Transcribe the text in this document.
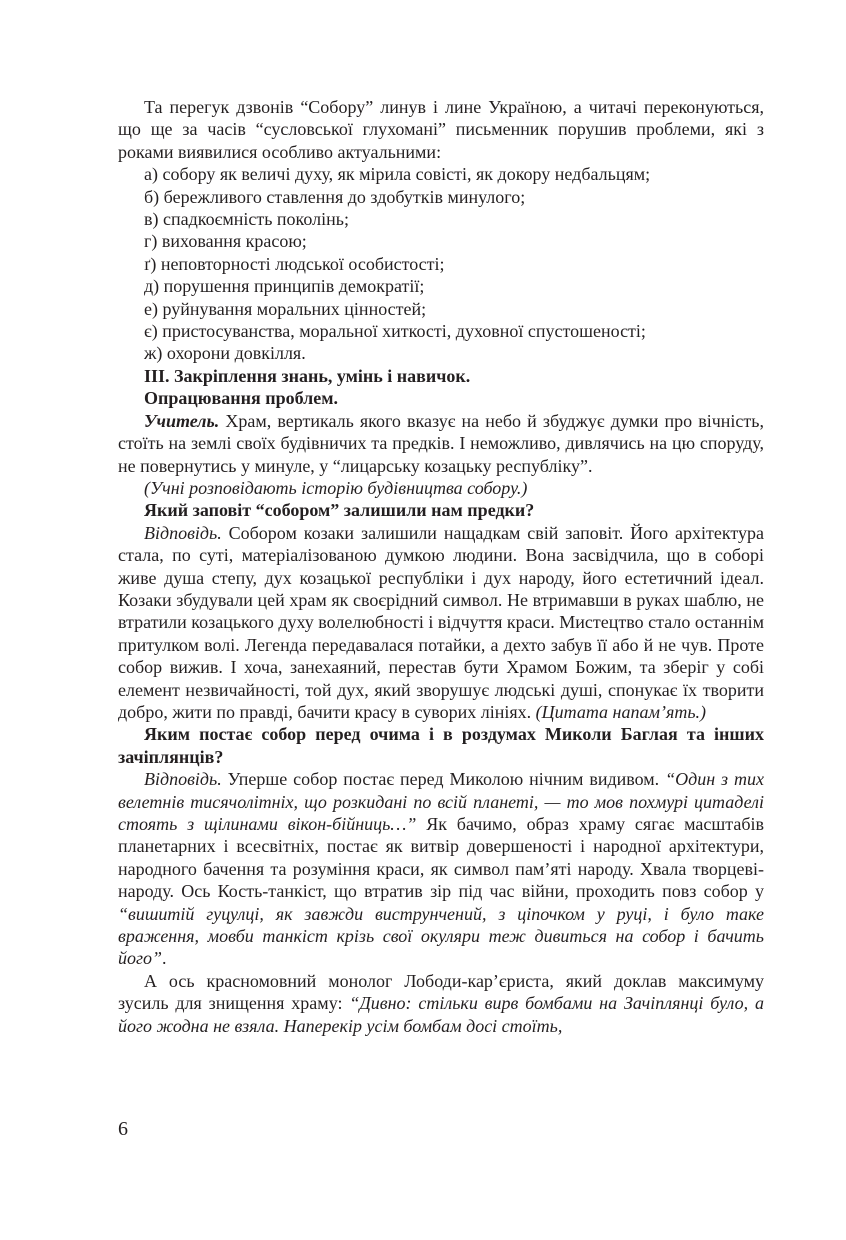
Та перегук дзвонів “Собору” линув і лине Україною, а читачі переконуються, що ще за часів “сусловської глухомані” письменник порушив проблеми, які з роками виявилися особливо актуальними:

а) собору як величі духу, як мірила совісті, як докору недбальцям;
б) бережливого ставлення до здобутків минулого;
в) спадкоємність поколінь;
г) виховання красою;
ґ) неповторності людської особистості;
д) порушення принципів демократії;
е) руйнування моральних цінностей;
є) пристосуванства, моральної хиткості, духовної спустошеності;
ж) охорони довкілля.
ІІІ. Закріплення знань, умінь і навичок.
Опрацювання проблем.

Учитель. Храм, вертикаль якого вказує на небо й збуджує думки про вічність, стоїть на землі своїх будівничих та предків. І неможливо, дивлячись на цю споруду, не повернутись у минуле, у “лицарську козацьку республіку”.

(Учні розповідають історію будівництва собору.)

Який заповіт “собором” залишили нам предки?

Відповідь. Собором козаки залишили нащадкам свій заповіт. Його архітектура стала, по суті, матеріалізованою думкою людини. Вона засвідчила, що в соборі живе душа степу, дух козацької республіки і дух народу, його естетичний ідеал. Козаки збудували цей храм як своєрідний символ. Не втримавши в руках шаблю, не втратили козацького духу волелюбності і відчуття краси. Мистецтво стало останнім притулком волі. Легенда передавалася потайки, а дехто забув її або й не чув. Проте собор вижив. І хоча, занехаяний, перестав бути Храмом Божим, та зберіг у собі елемент незвичайності, той дух, який зворушує людські душі, спонукає їх творити добро, жити по правді, бачити красу в суворих лініях. (Цитата напам’ять.)

Яким постає собор перед очима і в роздумах Миколи Баглая та інших зачіплянців?

Відповідь. Уперше собор постає перед Миколою нічним видивом. “Один з тих велетнів тисячолітніх, що розкидані по всій планеті, — то мов похмурі цитаделі стоять з щілинами вікон-бійниць…” Як бачимо, образ храму сягає масштабів планетарних і всесвітніх, постає як витвір довершеності і народної архітектури, народного бачення та розуміння краси, як символ пам’яті народу. Хвала творцеві-народу. Ось Кость-танкіст, що втратив зір під час війни, проходить повз собор у “вишитій гуцулці, як завжди виструнчений, з ціпочком у руці, і було таке враження, мовби танкіст крізь свої окуляри теж дивиться на собор і бачить його”.

А ось красномовний монолог Лободи-кар’єриста, який доклав максимуму зусиль для знищення храму: “Дивно: стільки вирв бомбами на Зачіплянці було, а його жодна не взяла. Наперекір усім бомбам досі стоїть,

6
